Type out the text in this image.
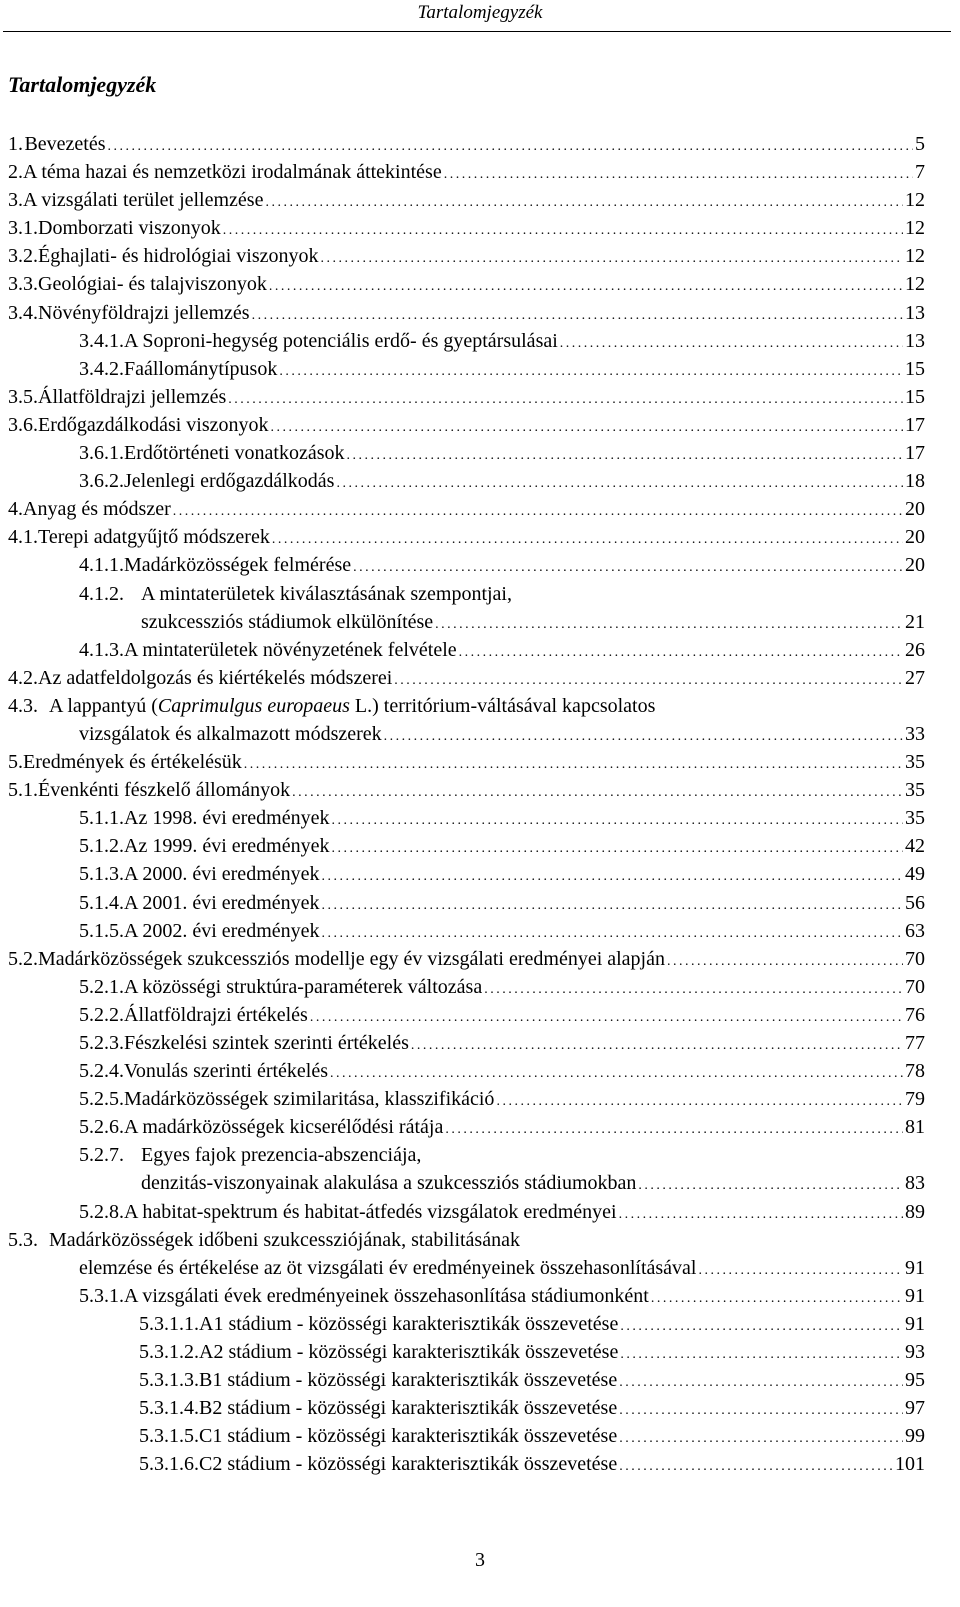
Tartalomjegyzék
Tartalomjegyzék
1. Bevezetés . . .	5
2. A téma hazai és nemzetközi irodalmának áttekintése . . .	7
3. A vizsgálati terület jellemzése . . .	12
3.1. Domborzati viszonyok . . .	12
3.2. Éghajlati- és hidrológiai viszonyok . . .	12
3.3. Geológiai- és talajviszonyok . . .	12
3.4. Növényföldrajzi jellemzés . . .	13
3.4.1. A Soproni-hegység potenciális erdő- és gyeptársulásai . . .	13
3.4.2. Faállománytípusok . . .	15
3.5. Állatföldrajzi jellemzés . . .	15
3.6. Erdőgazdálkodási viszonyok . . .	17
3.6.1. Erdőtörténeti vonatkozások . . .	17
3.6.2. Jelenlegi erdőgazdálkodás . . .	18
4. Anyag és módszer . . .	20
4.1. Terepi adatgyűjtő módszerek . . .	20
4.1.1. Madárközösségek felmérése . . .	20
4.1.2. A mintaterületek kiválasztásának szempontjai,
szukcessziós stádiumok elkülönítése . . .	21
4.1.3. A mintaterületek növényzetének felvétele . . .	26
4.2. Az adatfeldolgozás és kiértékelés módszerei . . .	27
4.3. A lappantyú (Caprimulgus europaeus L.) territórium-váltásával kapcsolatos
vizsgálatok és alkalmazott módszerek . . .	33
5. Eredmények és értékelésük . . .	35
5.1. Évenkénti fészkelő állományok . . .	35
5.1.1. Az 1998. évi eredmények . . .	35
5.1.2. Az 1999. évi eredmények . . .	42
5.1.3. A 2000. évi eredmények . . .	49
5.1.4. A 2001. évi eredmények . . .	56
5.1.5. A 2002. évi eredmények . . .	63
5.2. Madárközösségek szukcessziós modellje egy év vizsgálati eredményei alapján . . .	70
5.2.1. A közösségi struktúra-paraméterek változása . . .	70
5.2.2. Állatföldrajzi értékelés . . .	76
5.2.3. Fészkelési szintek szerinti értékelés . . .	77
5.2.4. Vonulás szerinti értékelés . . .	78
5.2.5. Madárközösségek szimilaritása, klasszifikáció . . .	79
5.2.6. A madárközösségek kicserélődési rátája . . .	81
5.2.7. Egyes fajok prezencia-abszenciája,
denzitás-viszonyainak alakulása a szukcessziós stádiumokban . . .	83
5.2.8. A habitat-spektrum és habitat-átfedés vizsgálatok eredményei . . .	89
5.3. Madárközösségek időbeni szukcessziójának, stabilitásának
elemzése és értékelése az öt vizsgálati év eredményeinek összehasonlításával . . .	91
5.3.1. A vizsgálati évek eredményeinek összehasonlítása stádiumonként . . .	91
5.3.1.1. A1 stádium - közösségi karakterisztikák összevetése . . .	91
5.3.1.2. A2 stádium - közösségi karakterisztikák összevetése . . .	93
5.3.1.3. B1 stádium - közösségi karakterisztikák összevetése . . .	95
5.3.1.4. B2 stádium - közösségi karakterisztikák összevetése . . .	97
5.3.1.5. C1 stádium - közösségi karakterisztikák összevetése . . .	99
5.3.1.6. C2 stádium - közösségi karakterisztikák összevetése . . .	101
3
